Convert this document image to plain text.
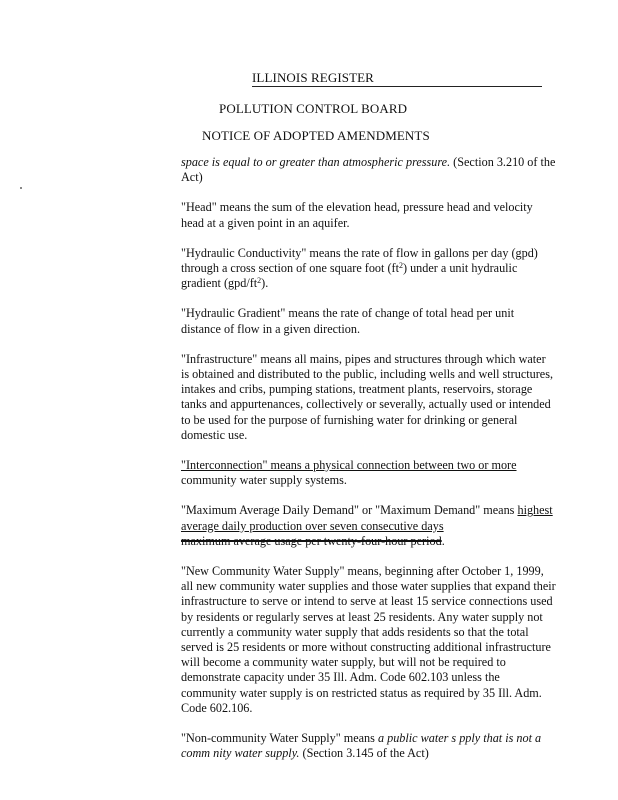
ILLINOIS REGISTER
POLLUTION CONTROL BOARD
NOTICE OF ADOPTED AMENDMENTS

space is equal to or greater than atmospheric pressure. (Section 3.210 of the Act)

"Head" means the sum of the elevation head, pressure head and velocity head at a given point in an aquifer.

"Hydraulic Conductivity" means the rate of flow in gallons per day (gpd) through a cross section of one square foot $(ft^2)$ under a unit hydraulic gradient $(gpd/ft^2)$.

"Hydraulic Gradient" means the rate of change of total head per unit distance of flow in a given direction.

"Infrastructure" means all mains, pipes and structures through which water is obtained and distributed to the public, including wells and well structures, intakes and cribs, pumping stations, treatment plants, reservoirs, storage tanks and appurtenances, collectively or severally, actually used or intended to be used for the purpose of furnishing water for drinking or general domestic use.

"Interconnection" means a physical connection between two or more community water supply systems.

"Maximum Average Daily Demand" or "Maximum Demand" means highest average daily production over seven consecutive days
maximum average usage per twenty-four-hour period.

"New Community Water Supply" means, beginning after October 1, 1999, all new community water supplies and those water supplies that expand their infrastructure to serve or intend to serve at least 15 service connections used by residents or regularly serves at least 25 residents. Any water supply not currently a community water supply that adds residents so that the total served is 25 residents or more without constructing additional infrastructure will become a community water supply, but will not be required to demonstrate capacity under 35 Ill. Adm. Code 602.103 unless the community water supply is on restricted status as required by 35 Ill. Adm. Code 602.106.

"Non-community Water Supply" means a public water s pply that is not a comm nity water supply. (Section 3.145 of the Act)
